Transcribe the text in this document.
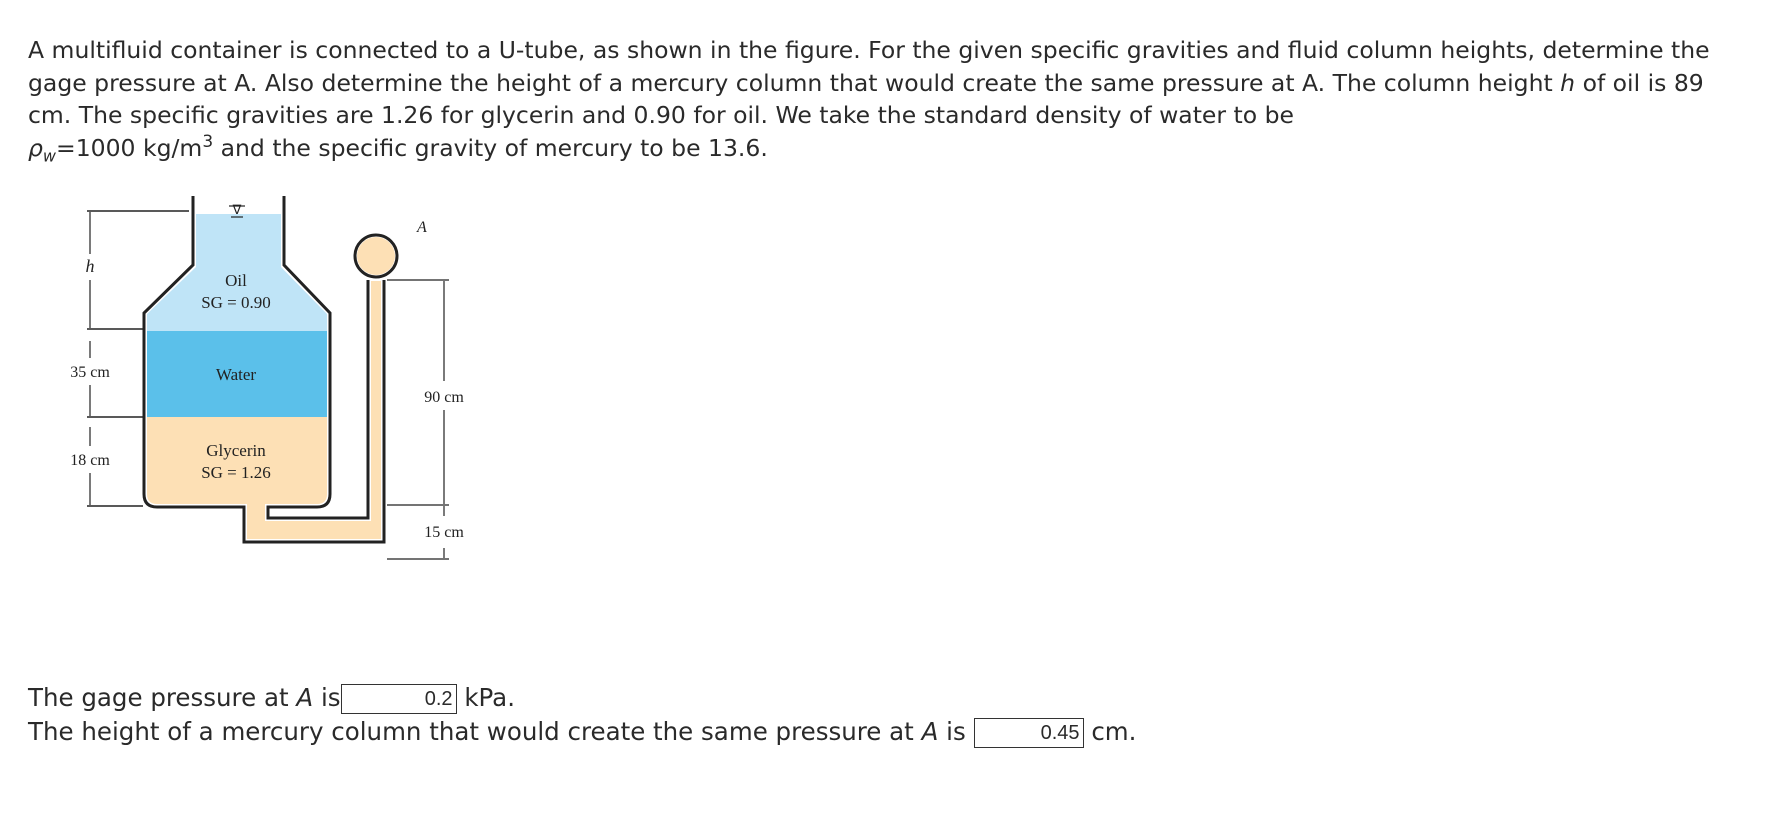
A multifluid container is connected to a U-tube, as shown in the figure. For the given specific gravities and fluid column heights, determine the gage pressure at A. Also determine the height of a mercury column that would create the same pressure at A. The column height h of oil is 89 cm. The specific gravities are 1.26 for glycerin and 0.90 for oil. We take the standard density of water to be
$\rho_w=1000$ $kg/m^3$ and the specific gravity of mercury to be 13.6.
∇
A
h
35 cm
18 cm
90 cm
15 cm
Oil
SG = 0.90
Water
Glycerin
SG = 1.26
The gage pressure at A is	0.2 kPa.
The height of a mercury column that would create the same pressure at A is	0.45 cm.
